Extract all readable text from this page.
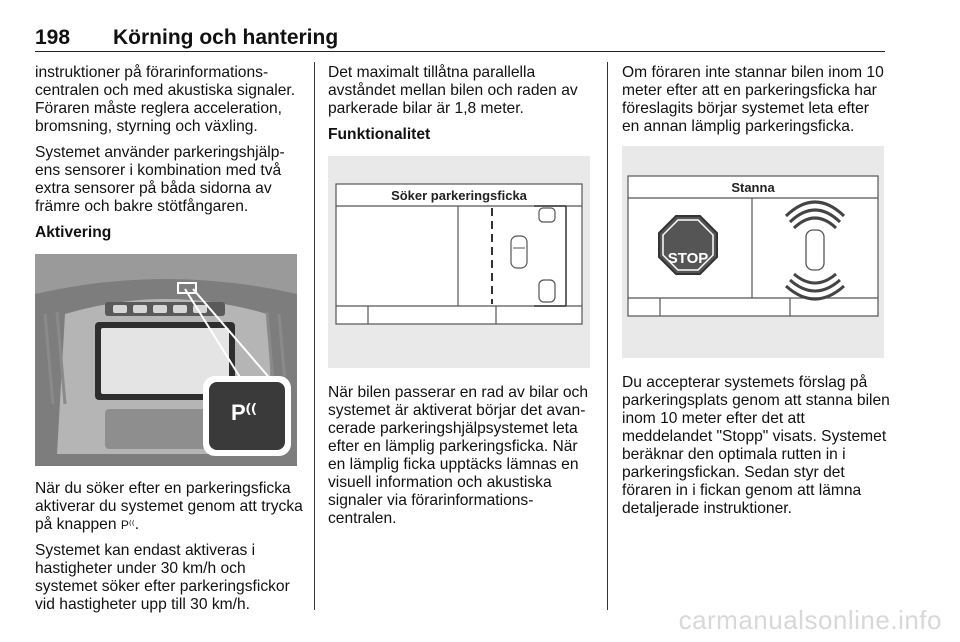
198 Körning och hantering

instruktioner på förarinformationscentralen och med akustiska signaler. Föraren måste reglera acceleration, bromsning, styrning och växling.

Systemet använder parkeringshjälpens sensorer i kombination med två extra sensorer på båda sidorna av främre och bakre stötfångaren.

Aktivering
P⁽⁽

När du söker efter en parkeringsficka aktiverar du systemet genom att trycka på knappen P⁽⁽.

Systemet kan endast aktiveras i hastigheter under 30 km/h och systemet söker efter parkeringsfickor vid hastigheter upp till 30 km/h.

Det maximalt tillåtna parallella avståndet mellan bilen och raden av parkerade bilar är 1,8 meter.

Funktionalitet
Söker parkeringsficka

När bilen passerar en rad av bilar och systemet är aktiverat börjar det avancerade parkeringshjälpsystemet leta efter en lämplig parkeringsficka. När en lämplig ficka upptäcks lämnas en visuell information och akustiska signaler via förarinformationscentralen.

Om föraren inte stannar bilen inom 10 meter efter att en parkeringsficka har föreslagits börjar systemet leta efter en annan lämplig parkeringsficka.

Stanna
STOP

Du accepterar systemets förslag på parkeringsplats genom att stanna bilen inom 10 meter efter det att meddelandet "Stopp" visats. Systemet beräknar den optimala rutten in i parkeringsfickan. Sedan styr det föraren in i fickan genom att lämna detaljerade instruktioner.

carmanualsonline.info
